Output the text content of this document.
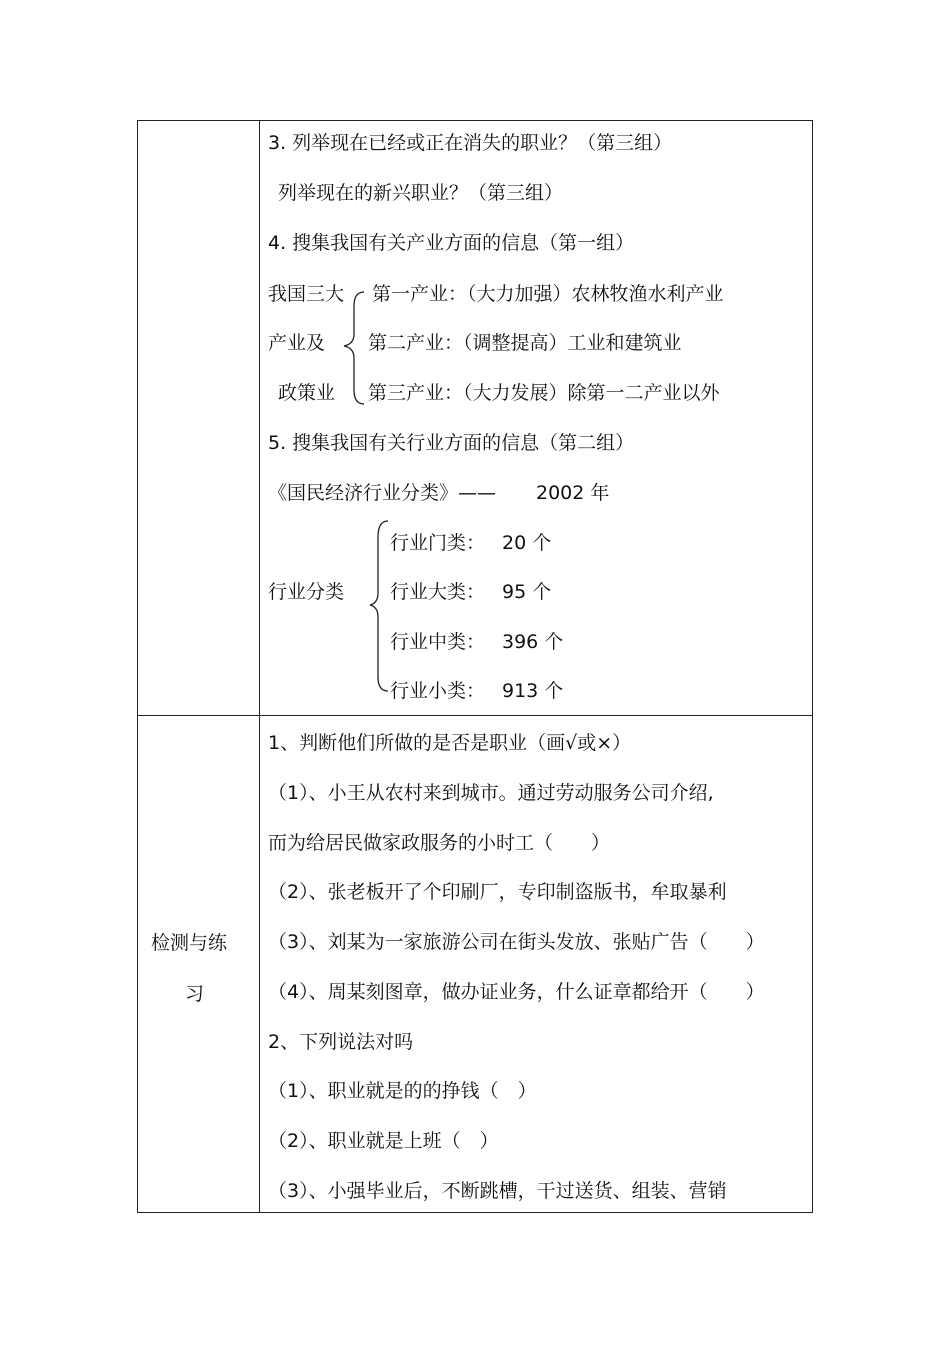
3. 列举现在已经或正在消失的职业？（第三组）
列举现在的新兴职业？（第三组）
4. 搜集我国有关产业方面的信息（第一组）
我国三大
产业及
政策业
第一产业：（大力加强）农林牧渔水利产业
第二产业：（调整提高）工业和建筑业
第三产业：（大力发展）除第一二产业以外
5. 搜集我国有关行业方面的信息（第二组）
《国民经济行业分类》—— 2002 年
行业分类
行业门类： 20 个
行业大类： 95 个
行业中类： 396 个
行业小类： 913 个
检测与练
习
1、判断他们所做的是否是职业（画√或×）
（1）、小王从农村来到城市。通过劳动服务公司介绍,
而为给居民做家政服务的小时工（　　）
（2）、张老板开了个印刷厂，专印制盗版书，牟取暴利
（3）、刘某为一家旅游公司在街头发放、张贴广告（　　）
（4）、周某刻图章，做办证业务，什么证章都给开（　　）
2、下列说法对吗
（1）、职业就是的的挣钱（　）
（2）、职业就是上班（　）
（3）、小强毕业后，不断跳槽，干过送货、组装、营销
